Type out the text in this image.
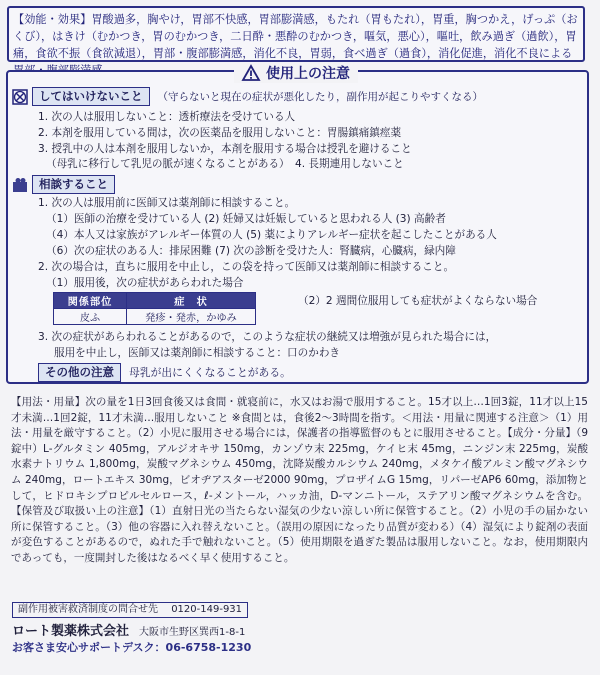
【効能・効果】胃酸過多，胸やけ，胃部不快感，胃部膨満感，もたれ（胃もたれ），胃重，胸つかえ，げっぷ（おくび），はきけ（むかつき，胃のむかつき，二日酔・悪酔のむかつき，嘔気，悪心），嘔吐，飲み過ぎ（過飲），胃痛，食欲不振（食欲減退），胃部・腹部膨満感，消化不良，胃弱，食べ過ぎ（過食），消化促進，消化不良による
使用上の注意
してはいけないこと	（守らないと現在の症状が悪化したり，副作用が起こりやすくなる）
1. 次の人は服用しないこと：透析療法を受けている人
2. 本剤を服用している間は，次の医薬品を服用しないこと：胃腸鎮痛鎮痙薬
3. 授乳中の人は本剤を服用しないか，本剤を服用する場合は授乳を避けること
（母乳に移行して乳児の脈が速くなることがある）　4. 長期連用しないこと
相談すること
1. 次の人は服用前に医師又は薬剤師に相談すること。
（1）医師の治療を受けている人 (2) 妊婦又は妊娠していると思われる人 (3) 高齢者
（4）本人又は家族がアレルギー体質の人 (5) 薬によりアレルギー症状を起こしたことがある人
（6）次の症状のある人：排尿困難 (7) 次の診断を受けた人：腎臓病，心臓病，緑内障
2. 次の場合は，直ちに服用を中止し，この袋を持って医師又は薬剤師に相談すること。
（1）服用後，次の症状があらわれた場合
（2）2 週間位服用しても症状がよくならない場合
関係部位	症　状
皮ふ	発疹・発赤，かゆみ
3. 次の症状があらわれることがあるので，このような症状の継続又は増強が見られた場合には，
服用を中止し，医師又は薬剤師に相談すること：口のかわき
その他の注意	母乳が出にくくなることがある。
【用法・用量】次の量を1日3回食後又は食間・就寝前に，水又はお湯で服用すること。15才以上…1回3錠，11才以上15才未満…1回2錠，11才未満…服用しないこと ※食間とは，食後2〜3時間を指す。＜用法・用量に関連する注意＞（1）用法・用量を厳守すること。（2）小児に服用させる場合には，保護者の指導監督のもとに服用させること。【成分・分量】（9錠中）L-グルタミン 405mg，アルジオキサ 150mg，カンゾウ末 225mg，ケイヒ末 45mg，ニンジン末 225mg，炭酸水素ナトリウム 1,800mg，炭酸マグネシウム 450mg，沈降炭酸カルシウム 240mg，メタケイ酸アルミン酸マグネシウム 240mg，ロートエキス 30mg，ビオヂアスターゼ2000 90mg，プロザイムG 15mg，リパーゼAP6 60mg，添加物として，ヒドロキシプロピルセルロース，ℓ-メントール，ハッカ油，D-マンニトール，ステアリン酸マグネシウムを含む。【保管及び取扱い上の注意】（1）直射日光の当たらない湿気の少ない涼しい所に保管すること。（2）小児の手の届かない所に保管すること。（3）他の容器に入れ替えないこと。（誤用の原因になったり品質が変わる）（4）湿気により錠剤の表面が変色することがあるので，ぬれた手で触れないこと。（5）使用期限を過ぎた製品は服用しないこと。なお，使用期限内であっても，一度開封した後はなるべく早く使用すること。
副作用被害救済制度の問合せ先 0120-149-931
ロート製薬株式会社 大阪市生野区巽西1-8-1
お客さま安心サポートデスク：06-6758-1230
